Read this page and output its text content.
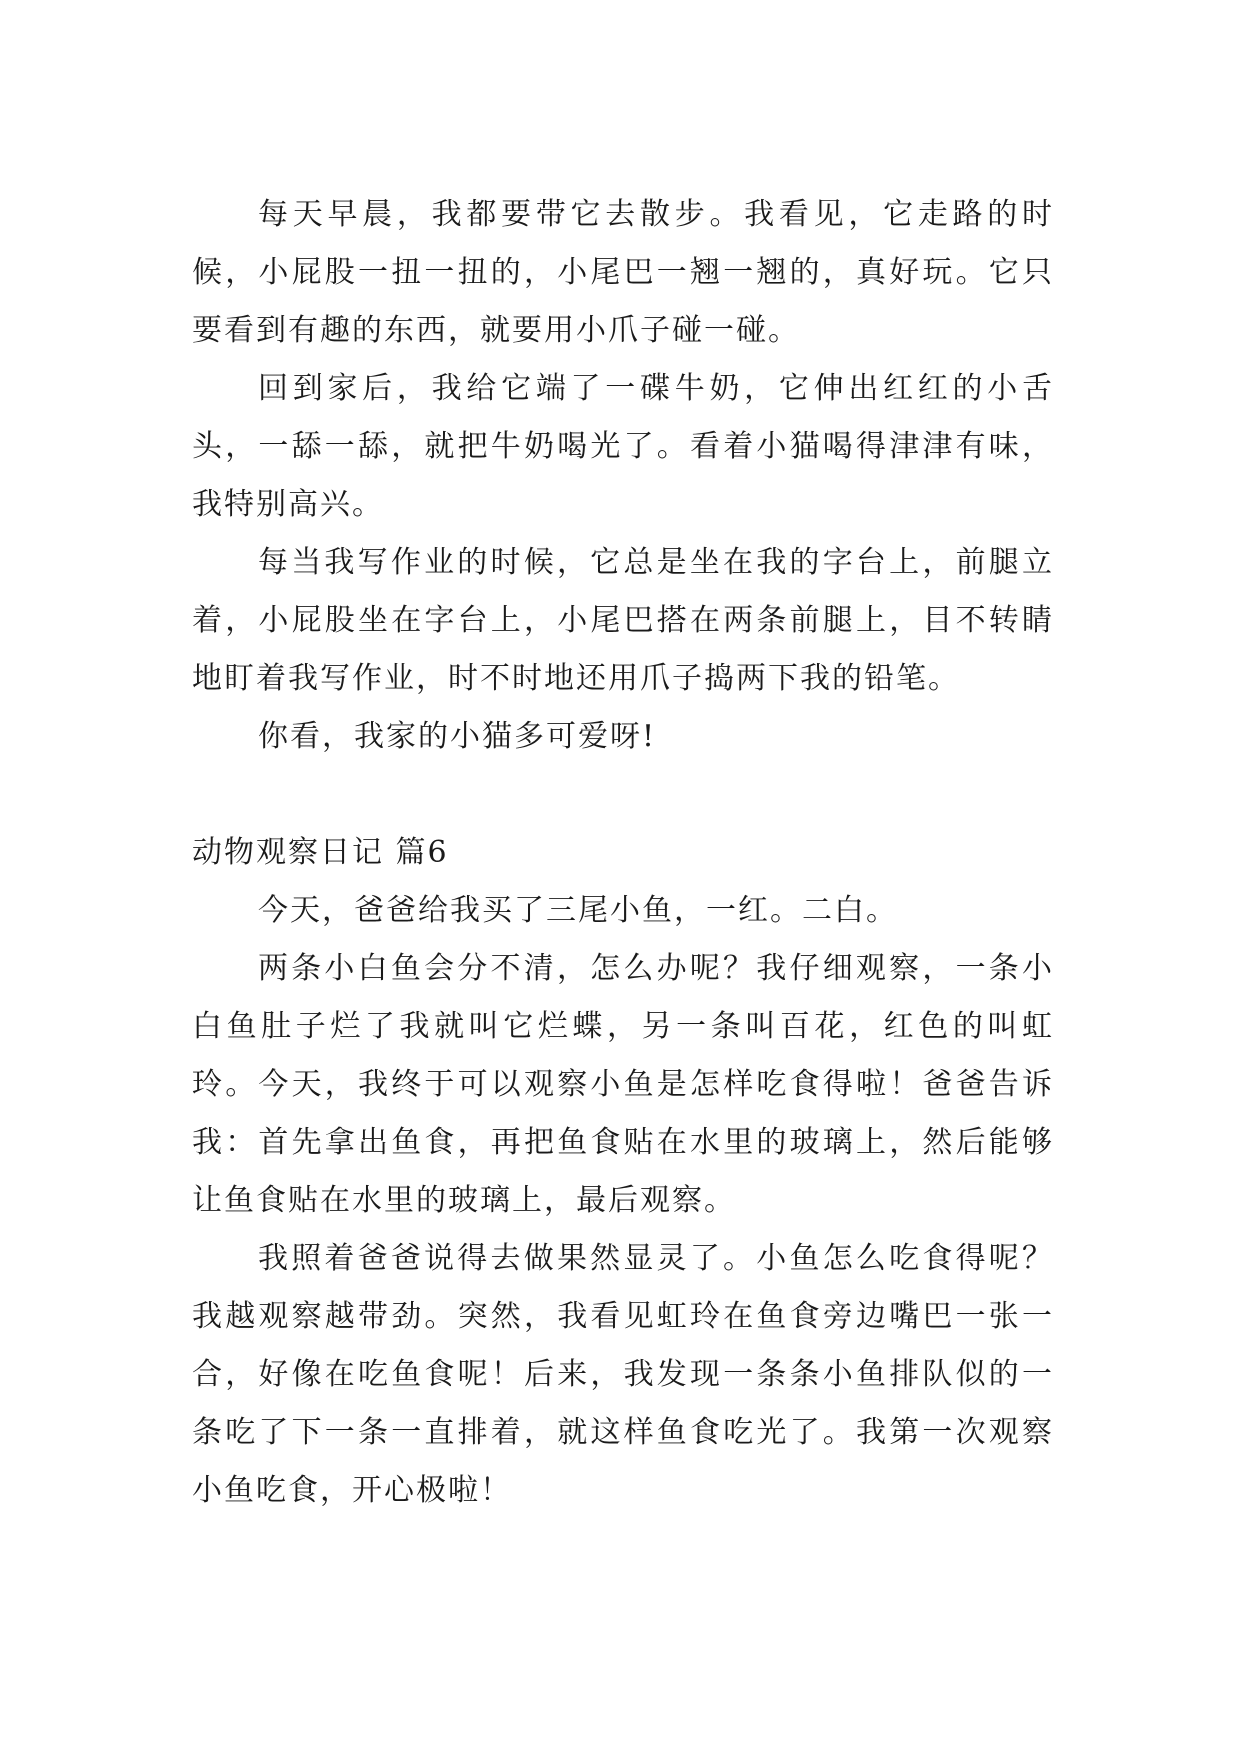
每天早晨，我都要带它去散步。我看见，它走路的时候，小屁股一扭一扭的，小尾巴一翘一翘的，真好玩。它只要看到有趣的东西，就要用小爪子碰一碰。

回到家后，我给它端了一碟牛奶，它伸出红红的小舌头，一舔一舔，就把牛奶喝光了。看着小猫喝得津津有味，我特别高兴。

每当我写作业的时候，它总是坐在我的字台上，前腿立着，小屁股坐在字台上，小尾巴搭在两条前腿上，目不转睛地盯着我写作业，时不时地还用爪子捣两下我的铅笔。

你看，我家的小猫多可爱呀!

动物观察日记 篇6

今天，爸爸给我买了三尾小鱼，一红。二白。

两条小白鱼会分不清，怎么办呢？我仔细观察，一条小白鱼肚子烂了我就叫它烂蝶，另一条叫百花，红色的叫虹玲。今天，我终于可以观察小鱼是怎样吃食得啦！爸爸告诉我：首先拿出鱼食，再把鱼食贴在水里的玻璃上，然后能够让鱼食贴在水里的玻璃上，最后观察。

我照着爸爸说得去做果然显灵了。小鱼怎么吃食得呢？我越观察越带劲。突然，我看见虹玲在鱼食旁边嘴巴一张一合，好像在吃鱼食呢！后来，我发现一条条小鱼排队似的一条吃了下一条一直排着，就这样鱼食吃光了。我第一次观察小鱼吃食，开心极啦！
